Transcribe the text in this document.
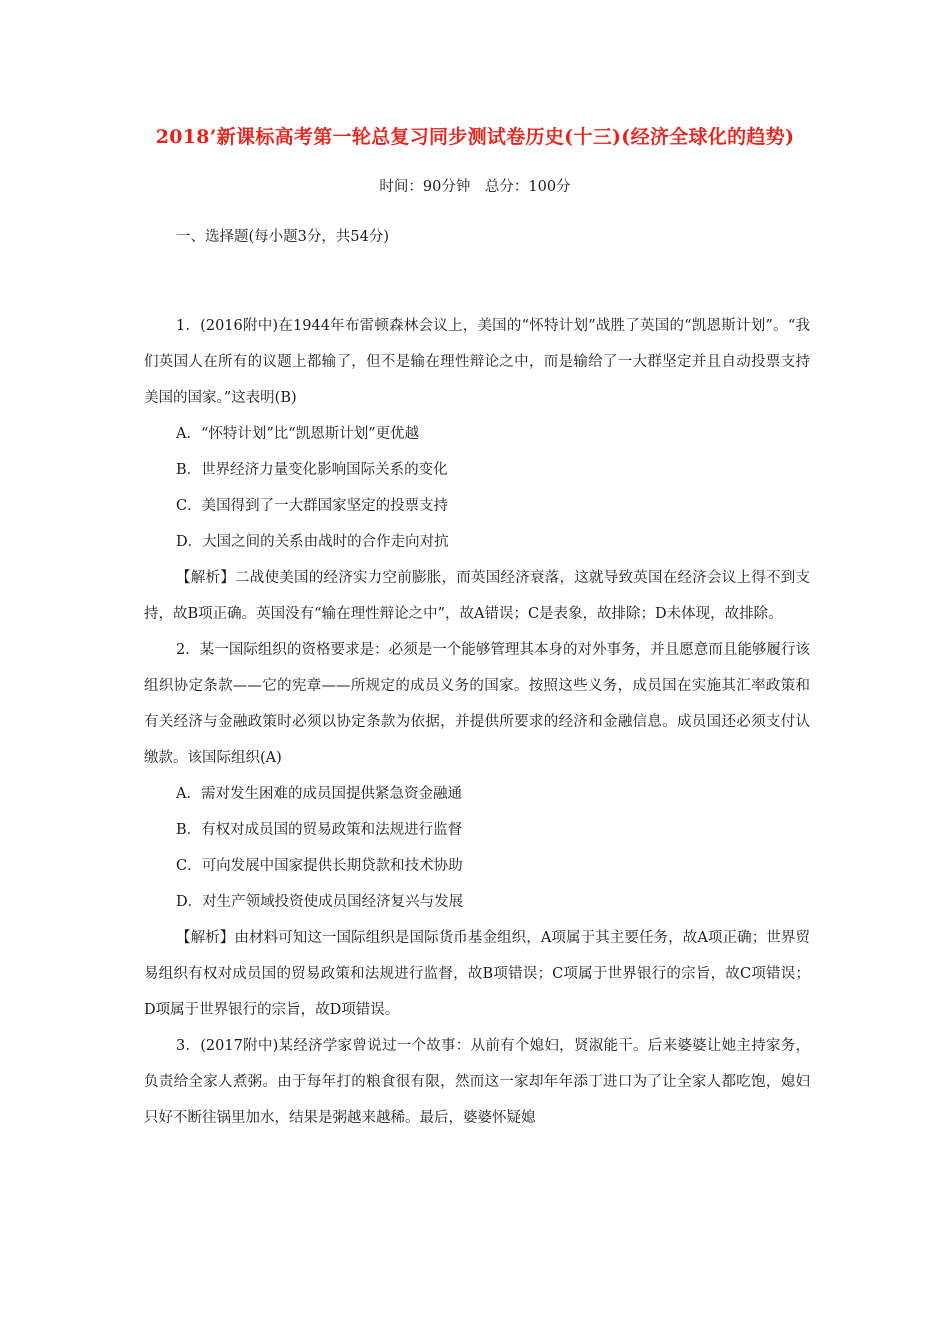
2018’新课标高考第一轮总复习同步测试卷历史(十三)(经济全球化的趋势)
时间：90分钟　总分：100分
一、选择题(每小题3分，共54分)

1．(2016附中)在1944年布雷顿森林会议上，美国的“怀特计划”战胜了英国的“凯恩斯计划”。“我们英国人在所有的议题上都输了，但不是输在理性辩论之中，而是输给了一大群坚定并且自动投票支持美国的国家。”这表明(B)

A．“怀特计划”比“凯恩斯计划”更优越

B．世界经济力量变化影响国际关系的变化

C．美国得到了一大群国家坚定的投票支持

D．大国之间的关系由战时的合作走向对抗

【解析】二战使美国的经济实力空前膨胀，而英国经济衰落，这就导致英国在经济会议上得不到支持，故B项正确。英国没有“输在理性辩论之中”，故A错误；C是表象，故排除；D未体现，故排除。

2．某一国际组织的资格要求是：必须是一个能够管理其本身的对外事务，并且愿意而且能够履行该组织协定条款——它的宪章——所规定的成员义务的国家。按照这些义务，成员国在实施其汇率政策和有关经济与金融政策时必须以协定条款为依据，并提供所要求的经济和金融信息。成员国还必须支付认缴款。该国际组织(A)

A．需对发生困难的成员国提供紧急资金融通

B．有权对成员国的贸易政策和法规进行监督

C．可向发展中国家提供长期贷款和技术协助

D．对生产领域投资使成员国经济复兴与发展

【解析】由材料可知这一国际组织是国际货币基金组织，A项属于其主要任务，故A项正确；世界贸易组织有权对成员国的贸易政策和法规进行监督，故B项错误；C项属于世界银行的宗旨，故C项错误；D项属于世界银行的宗旨，故D项错误。

3．(2017附中)某经济学家曾说过一个故事：从前有个媳妇，贤淑能干。后来婆婆让她主持家务，负责给全家人煮粥。由于每年打的粮食很有限，然而这一家却年年添丁进口为了让全家人都吃饱，媳妇只好不断往锅里加水，结果是粥越来越稀。最后，婆婆怀疑媳
